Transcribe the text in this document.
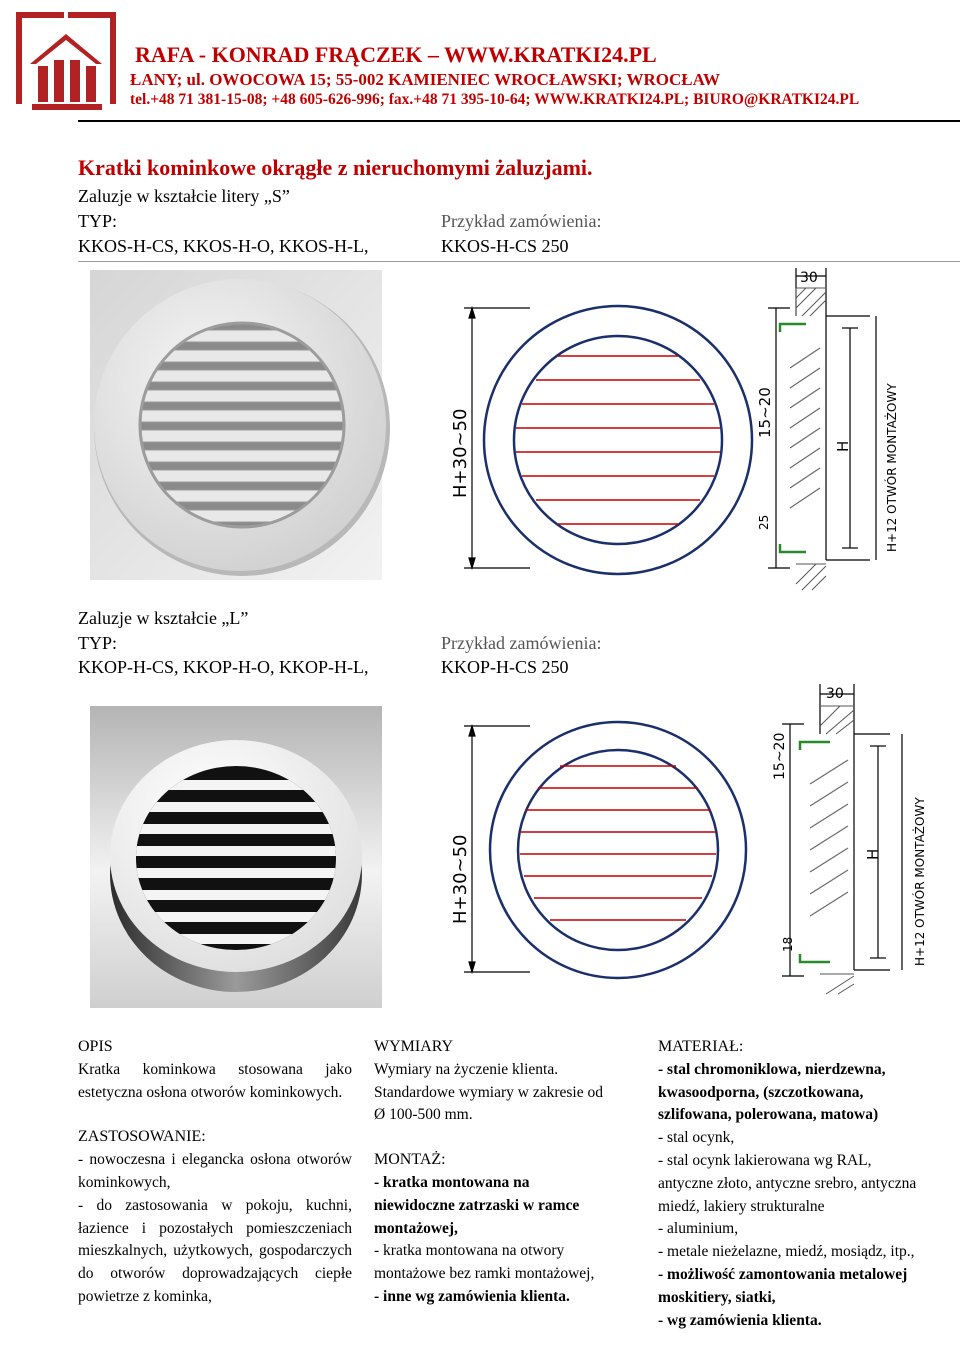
RAFA - KONRAD FRĄCZEK – WWW.KRATKI24.PL
ŁANY; ul. OWOCOWA 15; 55-002 KAMIENIEC WROCŁAWSKI; WROCŁAW
tel.+48 71 381-15-08; +48 605-626-996; fax.+48 71 395-10-64; WWW.KRATKI24.PL; BIURO@KRATKI24.PL
Kratki kominkowe okrągłe z nieruchomymi żaluzjami.
Zaluzje w kształcie litery „S”
TYP:	Przykład zamówienia:
KKOS-H-CS, KKOS-H-O, KKOS-H-L,	KKOS-H-CS 250
30
H+30~50	15~20
H
25	H+12 OTWÓR MONTAŻOWY
Zaluzje w kształcie „L”
TYP:	Przykład zamówienia:
KKOP-H-CS, KKOP-H-O, KKOP-H-L,	KKOP-H-CS 250
30
H+30~50
15~20
H
18	H+12 OTWÓR MONTAŻOWY

OPIS

Kratka kominkowa stosowana jako estetyczna osłona otworów kominkowych.

ZASTOSOWANIE:

- nowoczesna i elegancka osłona otworów kominkowych,

- do zastosowania w pokoju, kuchni, łazience i pozostałych pomieszczeniach mieszkalnych, użytkowych, gospodarczych do otworów doprowadzających ciepłe powietrze z kominka,

WYMIARY

Wymiary na życzenie klienta.

Standardowe wymiary w zakresie od

Ø 100-500 mm.

MONTAŻ:

- kratka montowana na

niewidoczne zatrzaski w ramce

montażowej,

- kratka montowana na otwory

montażowe bez ramki montażowej,

- inne wg zamówienia klienta.

MATERIAŁ:

- stal chromoniklowa, nierdzewna,

kwasoodporna, (szczotkowana,

szlifowana, polerowana, matowa)

- stal ocynk,

- stal ocynk lakierowana wg RAL,

antyczne złoto, antyczne srebro, antyczna

miedź, lakiery strukturalne

- aluminium,

- metale nieżelazne, miedź, mosiądz, itp.,

- możliwość zamontowania metalowej

moskitiery, siatki,

- wg zamówienia klienta.
